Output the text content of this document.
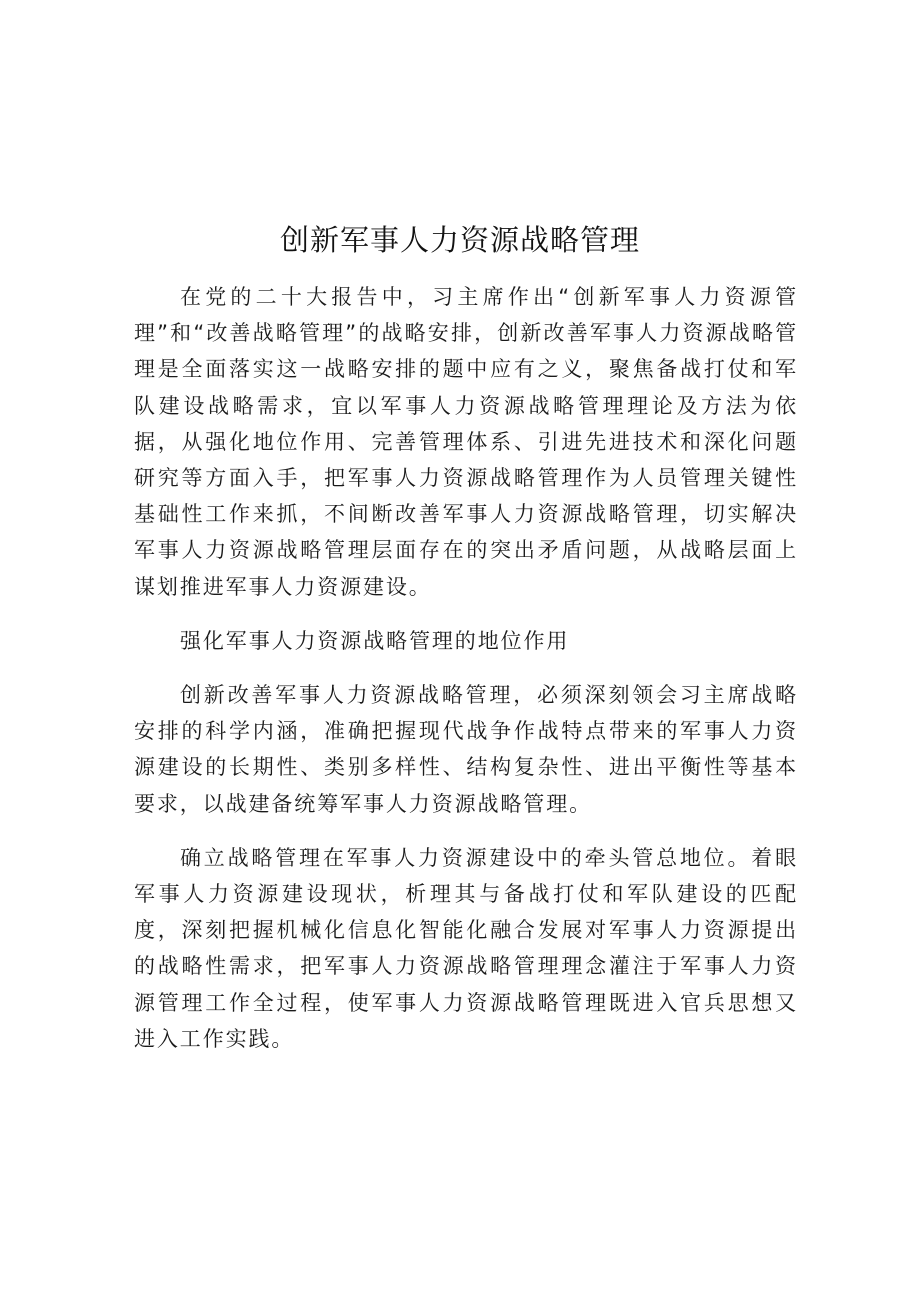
创新军事人力资源战略管理

在党的二十大报告中，习主席作出“创新军事人力资源管理”和“改善战略管理”的战略安排，创新改善军事人力资源战略管理是全面落实这一战略安排的题中应有之义，聚焦备战打仗和军队建设战略需求，宜以军事人力资源战略管理理论及方法为依据，从强化地位作用、完善管理体系、引进先进技术和深化问题研究等方面入手，把军事人力资源战略管理作为人员管理关键性基础性工作来抓，不间断改善军事人力资源战略管理，切实解决军事人力资源战略管理层面存在的突出矛盾问题，从战略层面上谋划推进军事人力资源建设。

强化军事人力资源战略管理的地位作用

创新改善军事人力资源战略管理，必须深刻领会习主席战略安排的科学内涵，准确把握现代战争作战特点带来的军事人力资源建设的长期性、类别多样性、结构复杂性、进出平衡性等基本要求，以战建备统筹军事人力资源战略管理。

确立战略管理在军事人力资源建设中的牵头管总地位。着眼军事人力资源建设现状，析理其与备战打仗和军队建设的匹配度，深刻把握机械化信息化智能化融合发展对军事人力资源提出的战略性需求，把军事人力资源战略管理理念灌注于军事人力资源管理工作全过程，使军事人力资源战略管理既进入官兵思想又进入工作实践。
